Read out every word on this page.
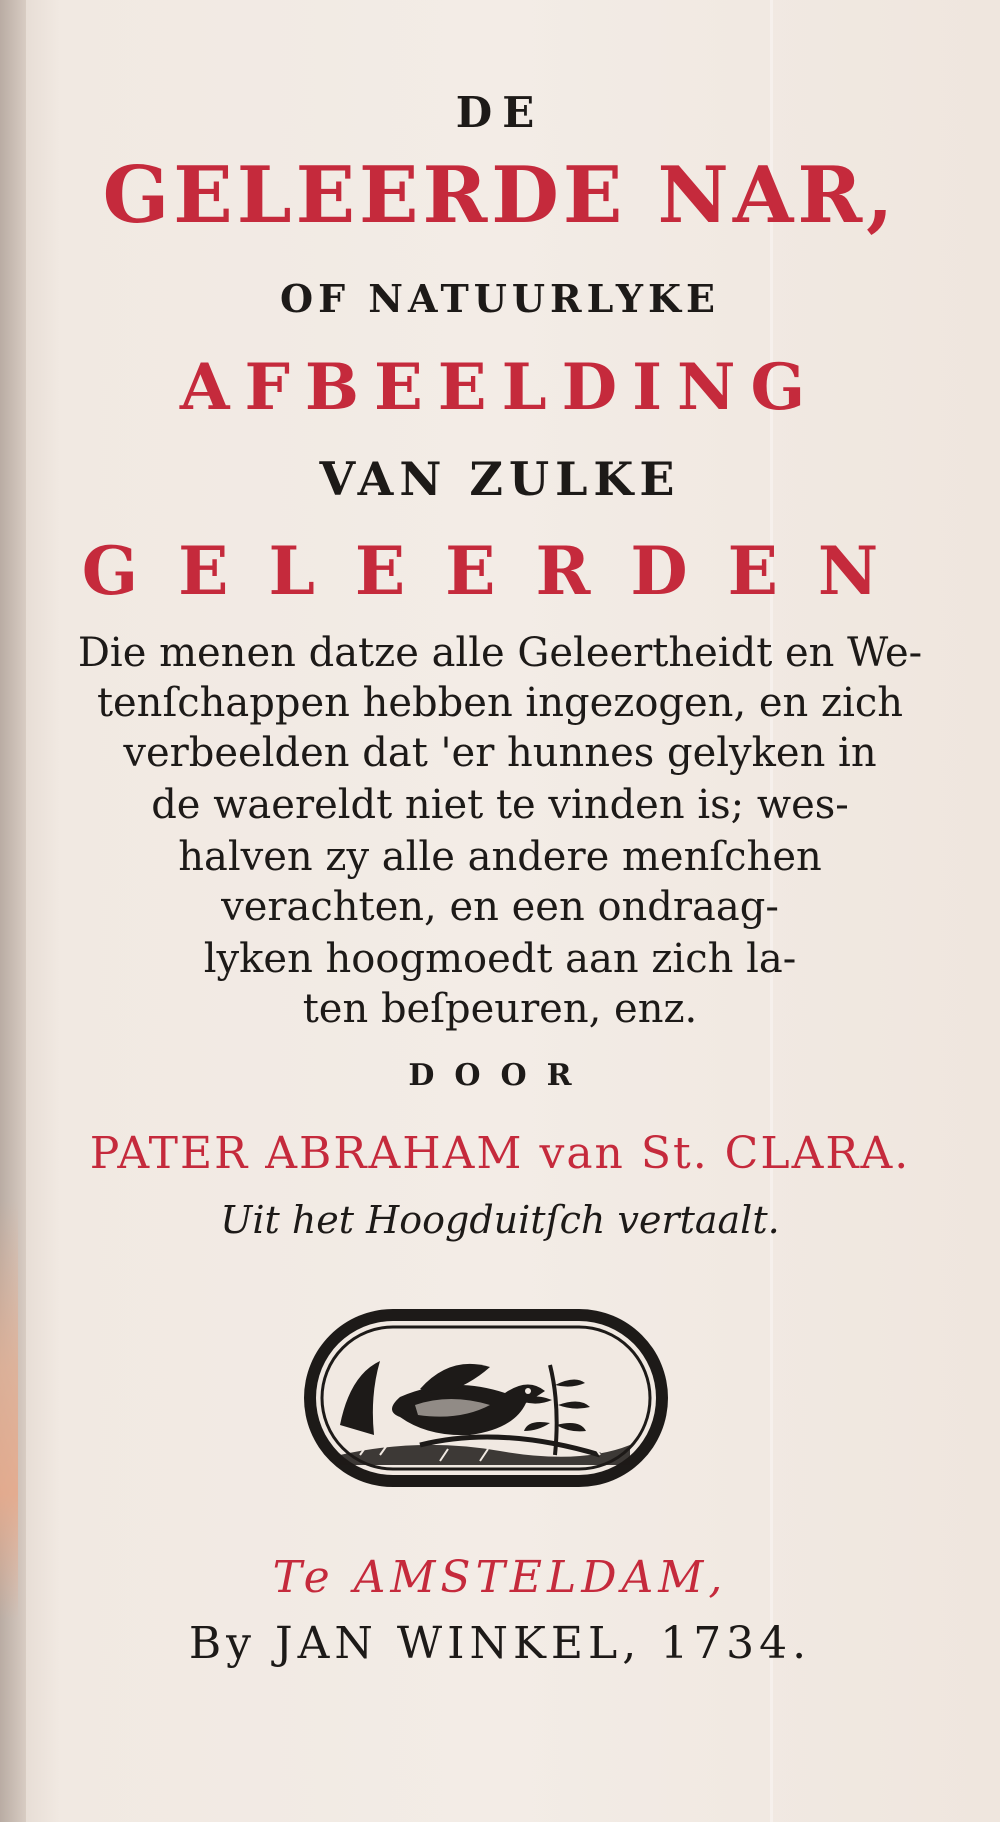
DE

GELEERDE NAR,

OF NATUURLYKE

AFBEELDING

VAN ZULKE

GELEERDEN

Die menen datze alle Geleertheidt en We-

tenſchappen hebben ingezogen, en zich

verbeelden dat 'er hunnes gelyken in

de waereldt niet te vinden is; wes-

halven zy alle andere menſchen

verachten, en een ondraag-

lyken hoogmoedt aan zich la-

ten beſpeuren, enz.

DOOR

PATER ABRAHAM van St. CLARA.

Uit het Hoogduitſch vertaalt.

Te AMSTELDAM,

By JAN WINKEL, 1734.
